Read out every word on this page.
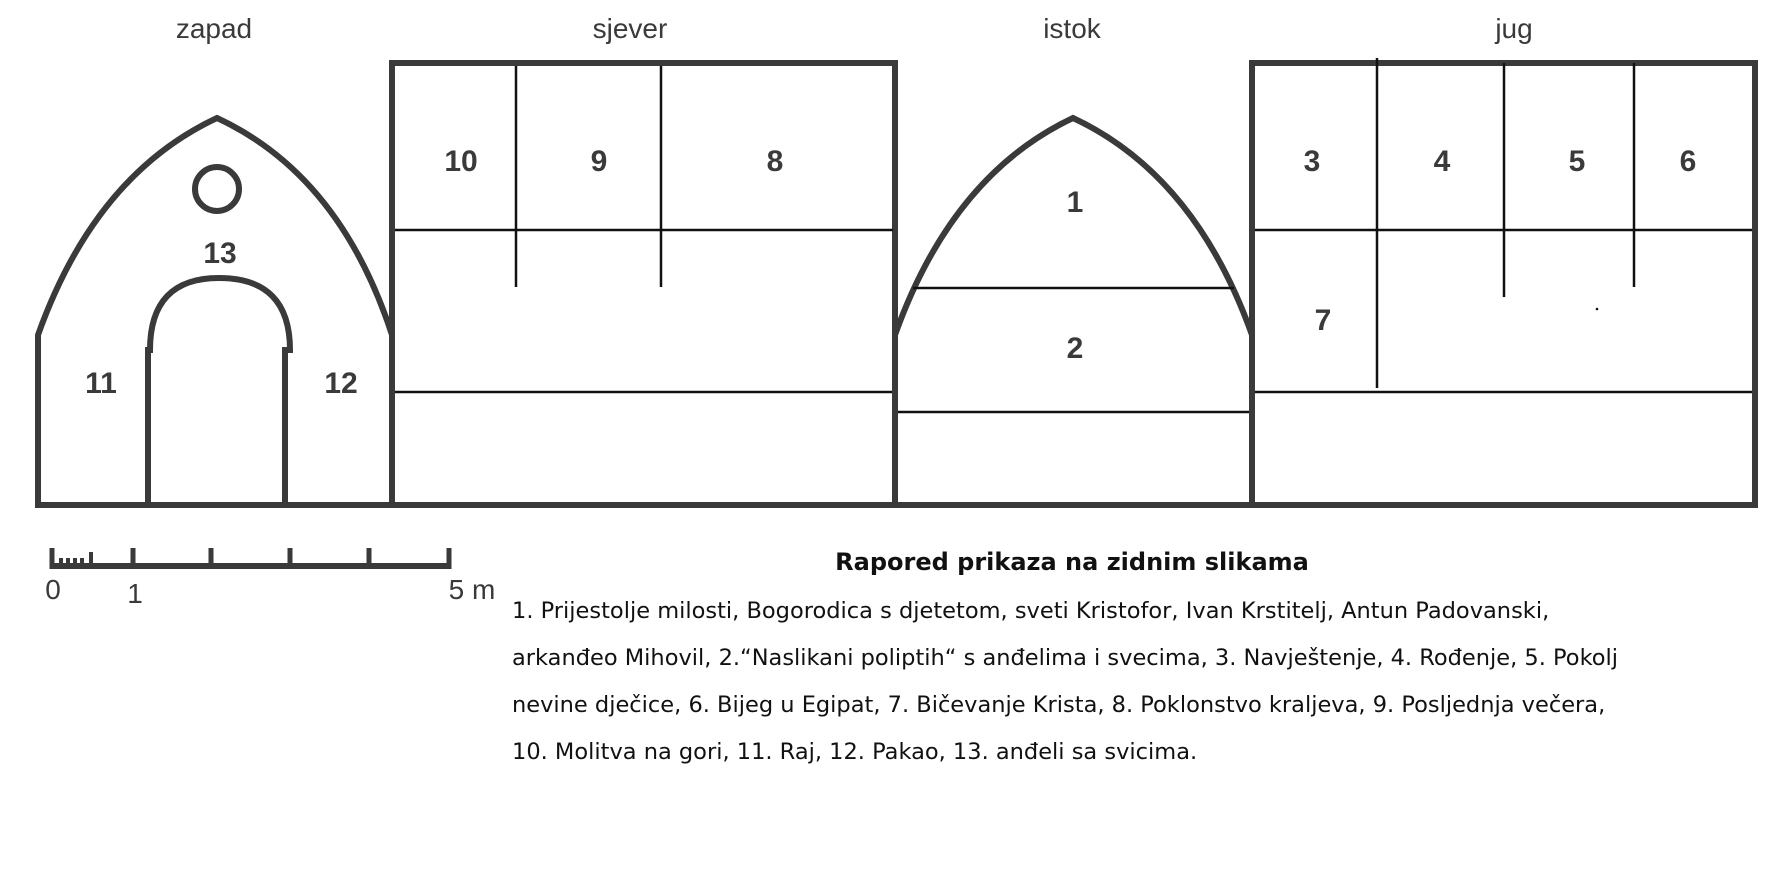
zapad	sjever	istok	jug
1
2
3	4	5	6
7
8
9
10
11	12
13
0 1	5 m
Rapored prikaza na zidnim slikama

1. Prijestolje milosti, Bogorodica s djetetom, sveti Kristofor, Ivan Krstitelj, Antun Padovanski, arkanđeo Mihovil, 2.“Naslikani poliptih“ s anđelima i svecima, 3. Navještenje, 4. Rođenje, 5. Pokolj nevine dječice, 6. Bijeg u Egipat, 7. Bičevanje Krista, 8. Poklonstvo kraljeva, 9. Posljednja večera, 10. Molitva na gori, 11. Raj, 12. Pakao, 13. anđeli sa svicima.
